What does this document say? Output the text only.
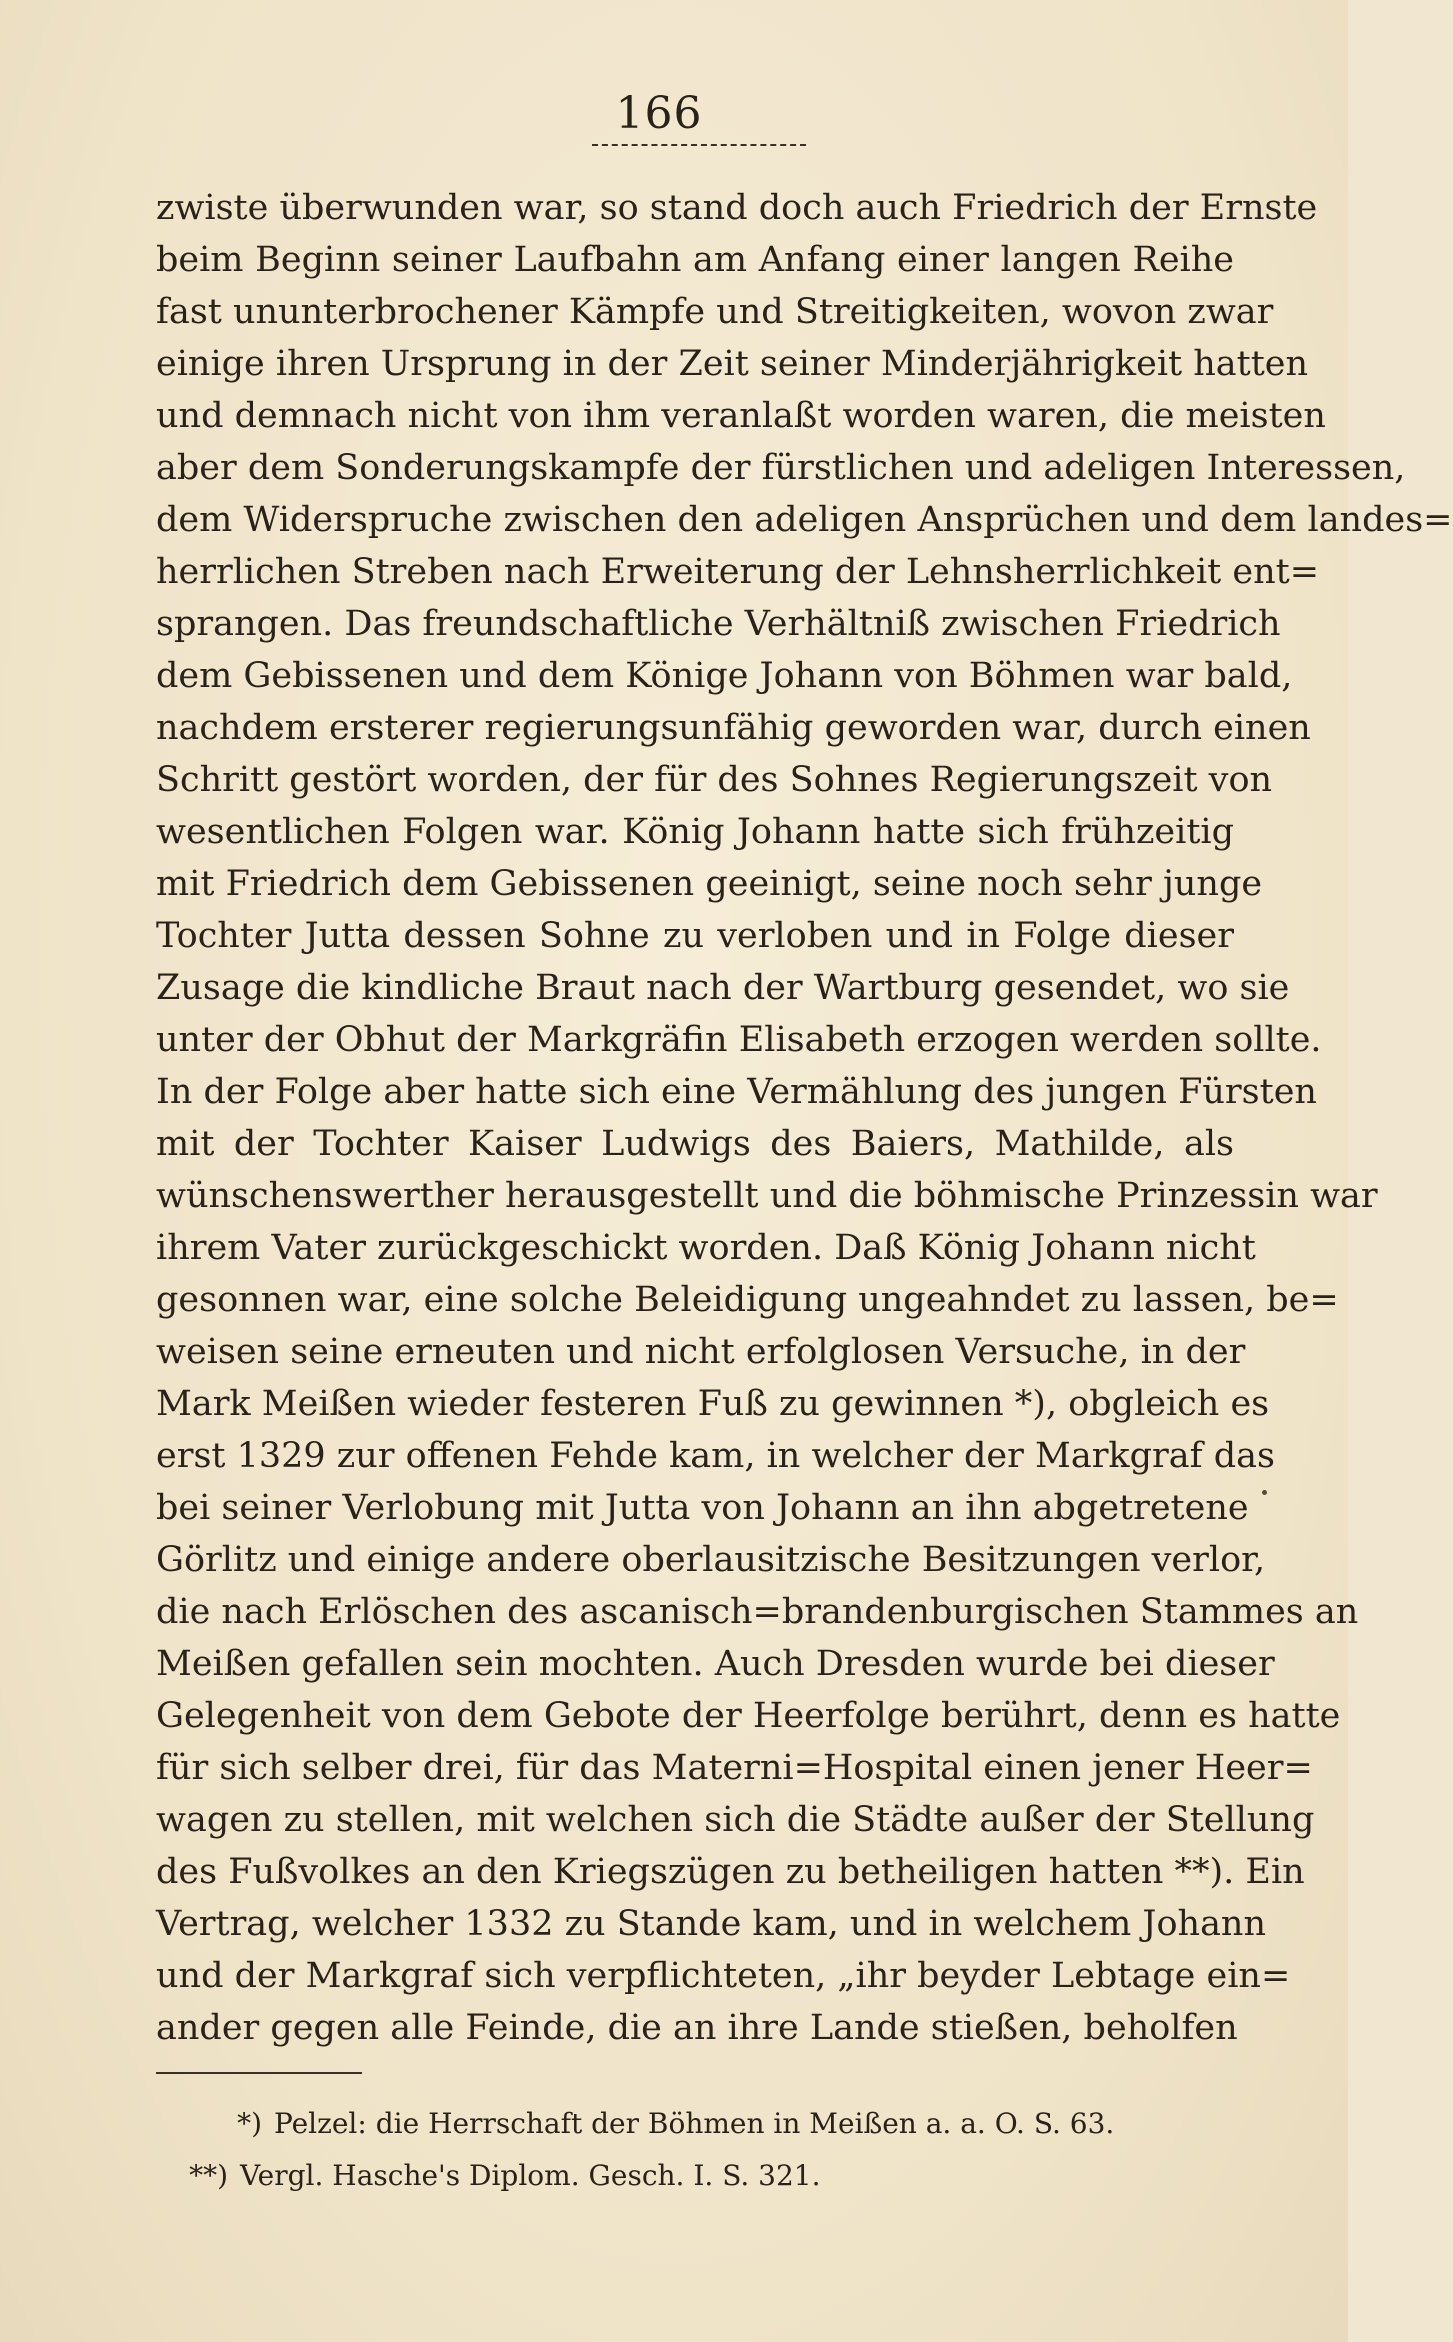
166
zwiste überwunden war, so stand doch auch Friedrich der Ernste
beim Beginn seiner Laufbahn am Anfang einer langen Reihe
fast ununterbrochener Kämpfe und Streitigkeiten, wovon zwar
einige ihren Ursprung in der Zeit seiner Minderjährigkeit hatten
und demnach nicht von ihm veranlaßt worden waren, die meisten
aber dem Sonderungskampfe der fürstlichen und adeligen Interessen,
dem Widerspruche zwischen den adeligen Ansprüchen und dem landes=
herrlichen Streben nach Erweiterung der Lehnsherrlichkeit ent=
sprangen. Das freundschaftliche Verhältniß zwischen Friedrich
dem Gebissenen und dem Könige Johann von Böhmen war bald,
nachdem ersterer regierungsunfähig geworden war, durch einen
Schritt gestört worden, der für des Sohnes Regierungszeit von
wesentlichen Folgen war. König Johann hatte sich frühzeitig
mit Friedrich dem Gebissenen geeinigt, seine noch sehr junge
Tochter Jutta dessen Sohne zu verloben und in Folge dieser
Zusage die kindliche Braut nach der Wartburg gesendet, wo sie
unter der Obhut der Markgräfin Elisabeth erzogen werden sollte.
In der Folge aber hatte sich eine Vermählung des jungen Fürsten
mit der Tochter Kaiser Ludwigs des Baiers, Mathilde, als
wünschenswerther herausgestellt und die böhmische Prinzessin war
ihrem Vater zurückgeschickt worden. Daß König Johann nicht
gesonnen war, eine solche Beleidigung ungeahndet zu lassen, be=
weisen seine erneuten und nicht erfolglosen Versuche, in der
Mark Meißen wieder festeren Fuß zu gewinnen *), obgleich es
erst 1329 zur offenen Fehde kam, in welcher der Markgraf das
bei seiner Verlobung mit Jutta von Johann an ihn abgetretene
Görlitz und einige andere oberlausitzische Besitzungen verlor,
die nach Erlöschen des ascanisch=brandenburgischen Stammes an
Meißen gefallen sein mochten. Auch Dresden wurde bei dieser
Gelegenheit von dem Gebote der Heerfolge berührt, denn es hatte
für sich selber drei, für das Materni=Hospital einen jener Heer=
wagen zu stellen, mit welchen sich die Städte außer der Stellung
des Fußvolkes an den Kriegszügen zu betheiligen hatten **). Ein
Vertrag, welcher 1332 zu Stande kam, und in welchem Johann
und der Markgraf sich verpflichteten, „ihr beyder Lebtage ein=
ander gegen alle Feinde, die an ihre Lande stießen, beholfen
*) Pelzel: die Herrschaft der Böhmen in Meißen a. a. O. S. 63.
**) Vergl. Hasche's Diplom. Gesch. I. S. 321.
